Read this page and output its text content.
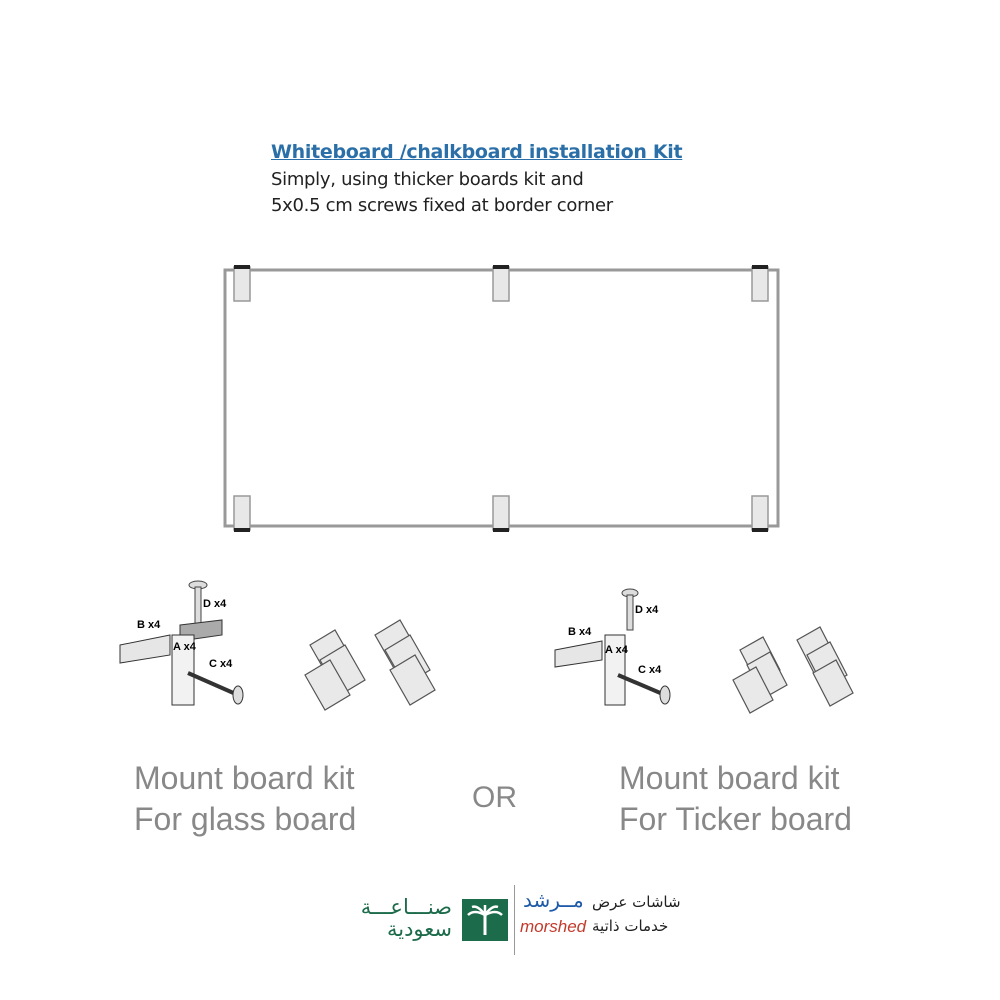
Whiteboard /chalkboard installation Kit
Simply, using thicker boards kit and
5x0.5 cm screws fixed at border corner
D x4
B x4
A x4
C x4
D x4
B x4
A x4
C x4
Mount board kit
For glass board
OR
Mount board kit
For Ticker board
صنـــاعـــة
سعودية
مــرشد
morshed
شاشات عرض
خدمات ذاتية
